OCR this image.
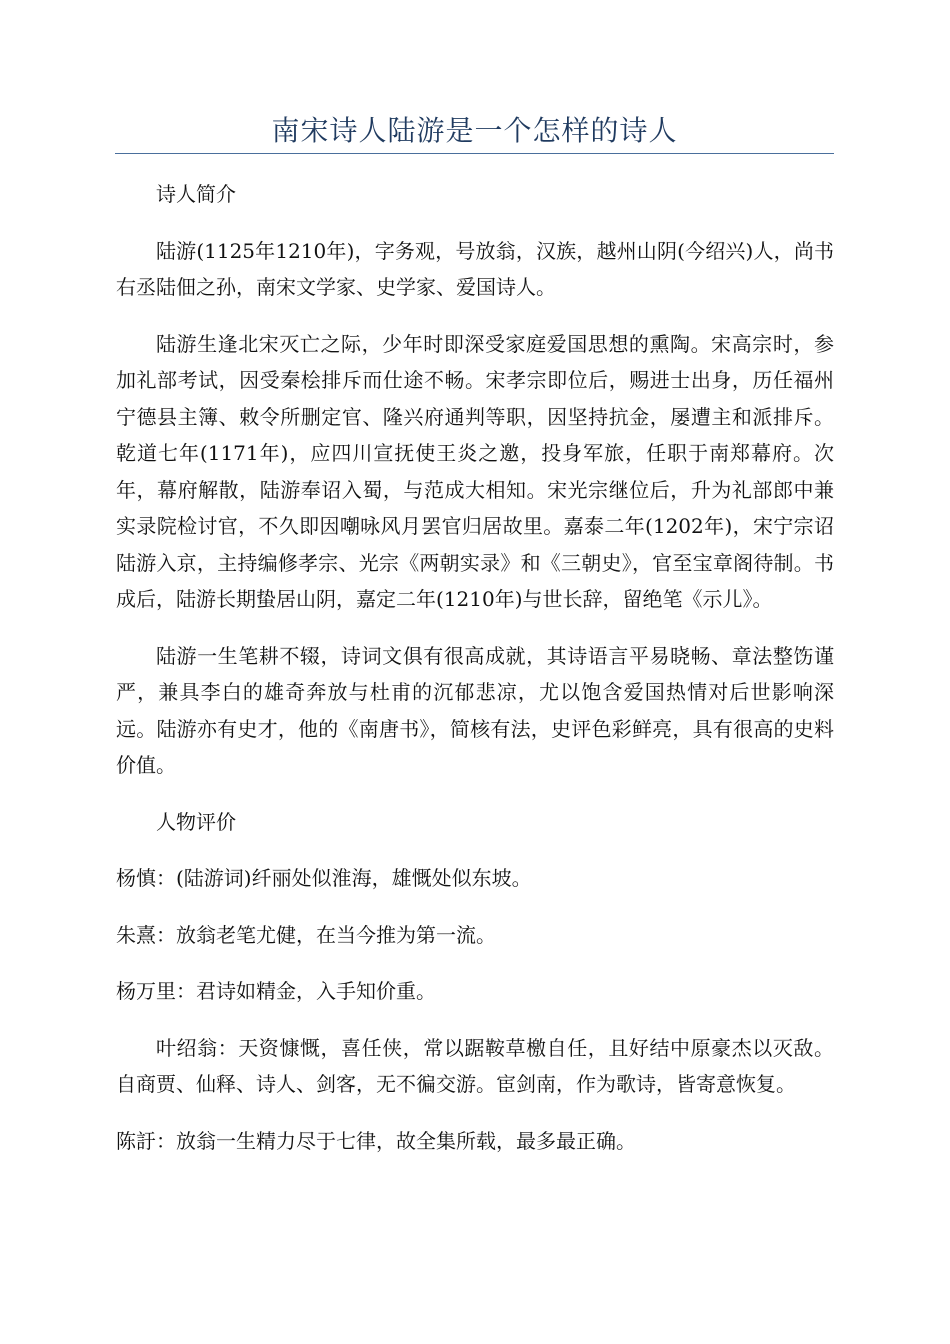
南宋诗人陆游是一个怎样的诗人

诗人简介

陆游(1125年1210年)，字务观，号放翁，汉族，越州山阴(今绍兴)人，尚书右丞陆佃之孙，南宋文学家、史学家、爱国诗人。

陆游生逢北宋灭亡之际，少年时即深受家庭爱国思想的熏陶。宋高宗时，参加礼部考试，因受秦桧排斥而仕途不畅。宋孝宗即位后，赐进士出身，历任福州宁德县主簿、敕令所删定官、隆兴府通判等职，因坚持抗金，屡遭主和派排斥。乾道七年(1171年)，应四川宣抚使王炎之邀，投身军旅，任职于南郑幕府。次年，幕府解散，陆游奉诏入蜀，与范成大相知。宋光宗继位后，升为礼部郎中兼实录院检讨官，不久即因嘲咏风月罢官归居故里。嘉泰二年(1202年)，宋宁宗诏陆游入京，主持编修孝宗、光宗《两朝实录》和《三朝史》，官至宝章阁待制。书成后，陆游长期蛰居山阴，嘉定二年(1210年)与世长辞，留绝笔《示儿》。

陆游一生笔耕不辍，诗词文俱有很高成就，其诗语言平易晓畅、章法整饬谨严，兼具李白的雄奇奔放与杜甫的沉郁悲凉，尤以饱含爱国热情对后世影响深远。陆游亦有史才，他的《南唐书》，简核有法，史评色彩鲜亮，具有很高的史料价值。

人物评价

杨慎：(陆游词)纤丽处似淮海，雄慨处似东坡。

朱熹：放翁老笔尤健，在当今推为第一流。

杨万里：君诗如精金，入手知价重。

叶绍翁：天资慷慨，喜任侠，常以踞鞍草檄自任，且好结中原豪杰以灭敌。自商贾、仙释、诗人、剑客，无不徧交游。宦剑南，作为歌诗，皆寄意恢复。

陈訏：放翁一生精力尽于七律，故全集所载，最多最正确。
